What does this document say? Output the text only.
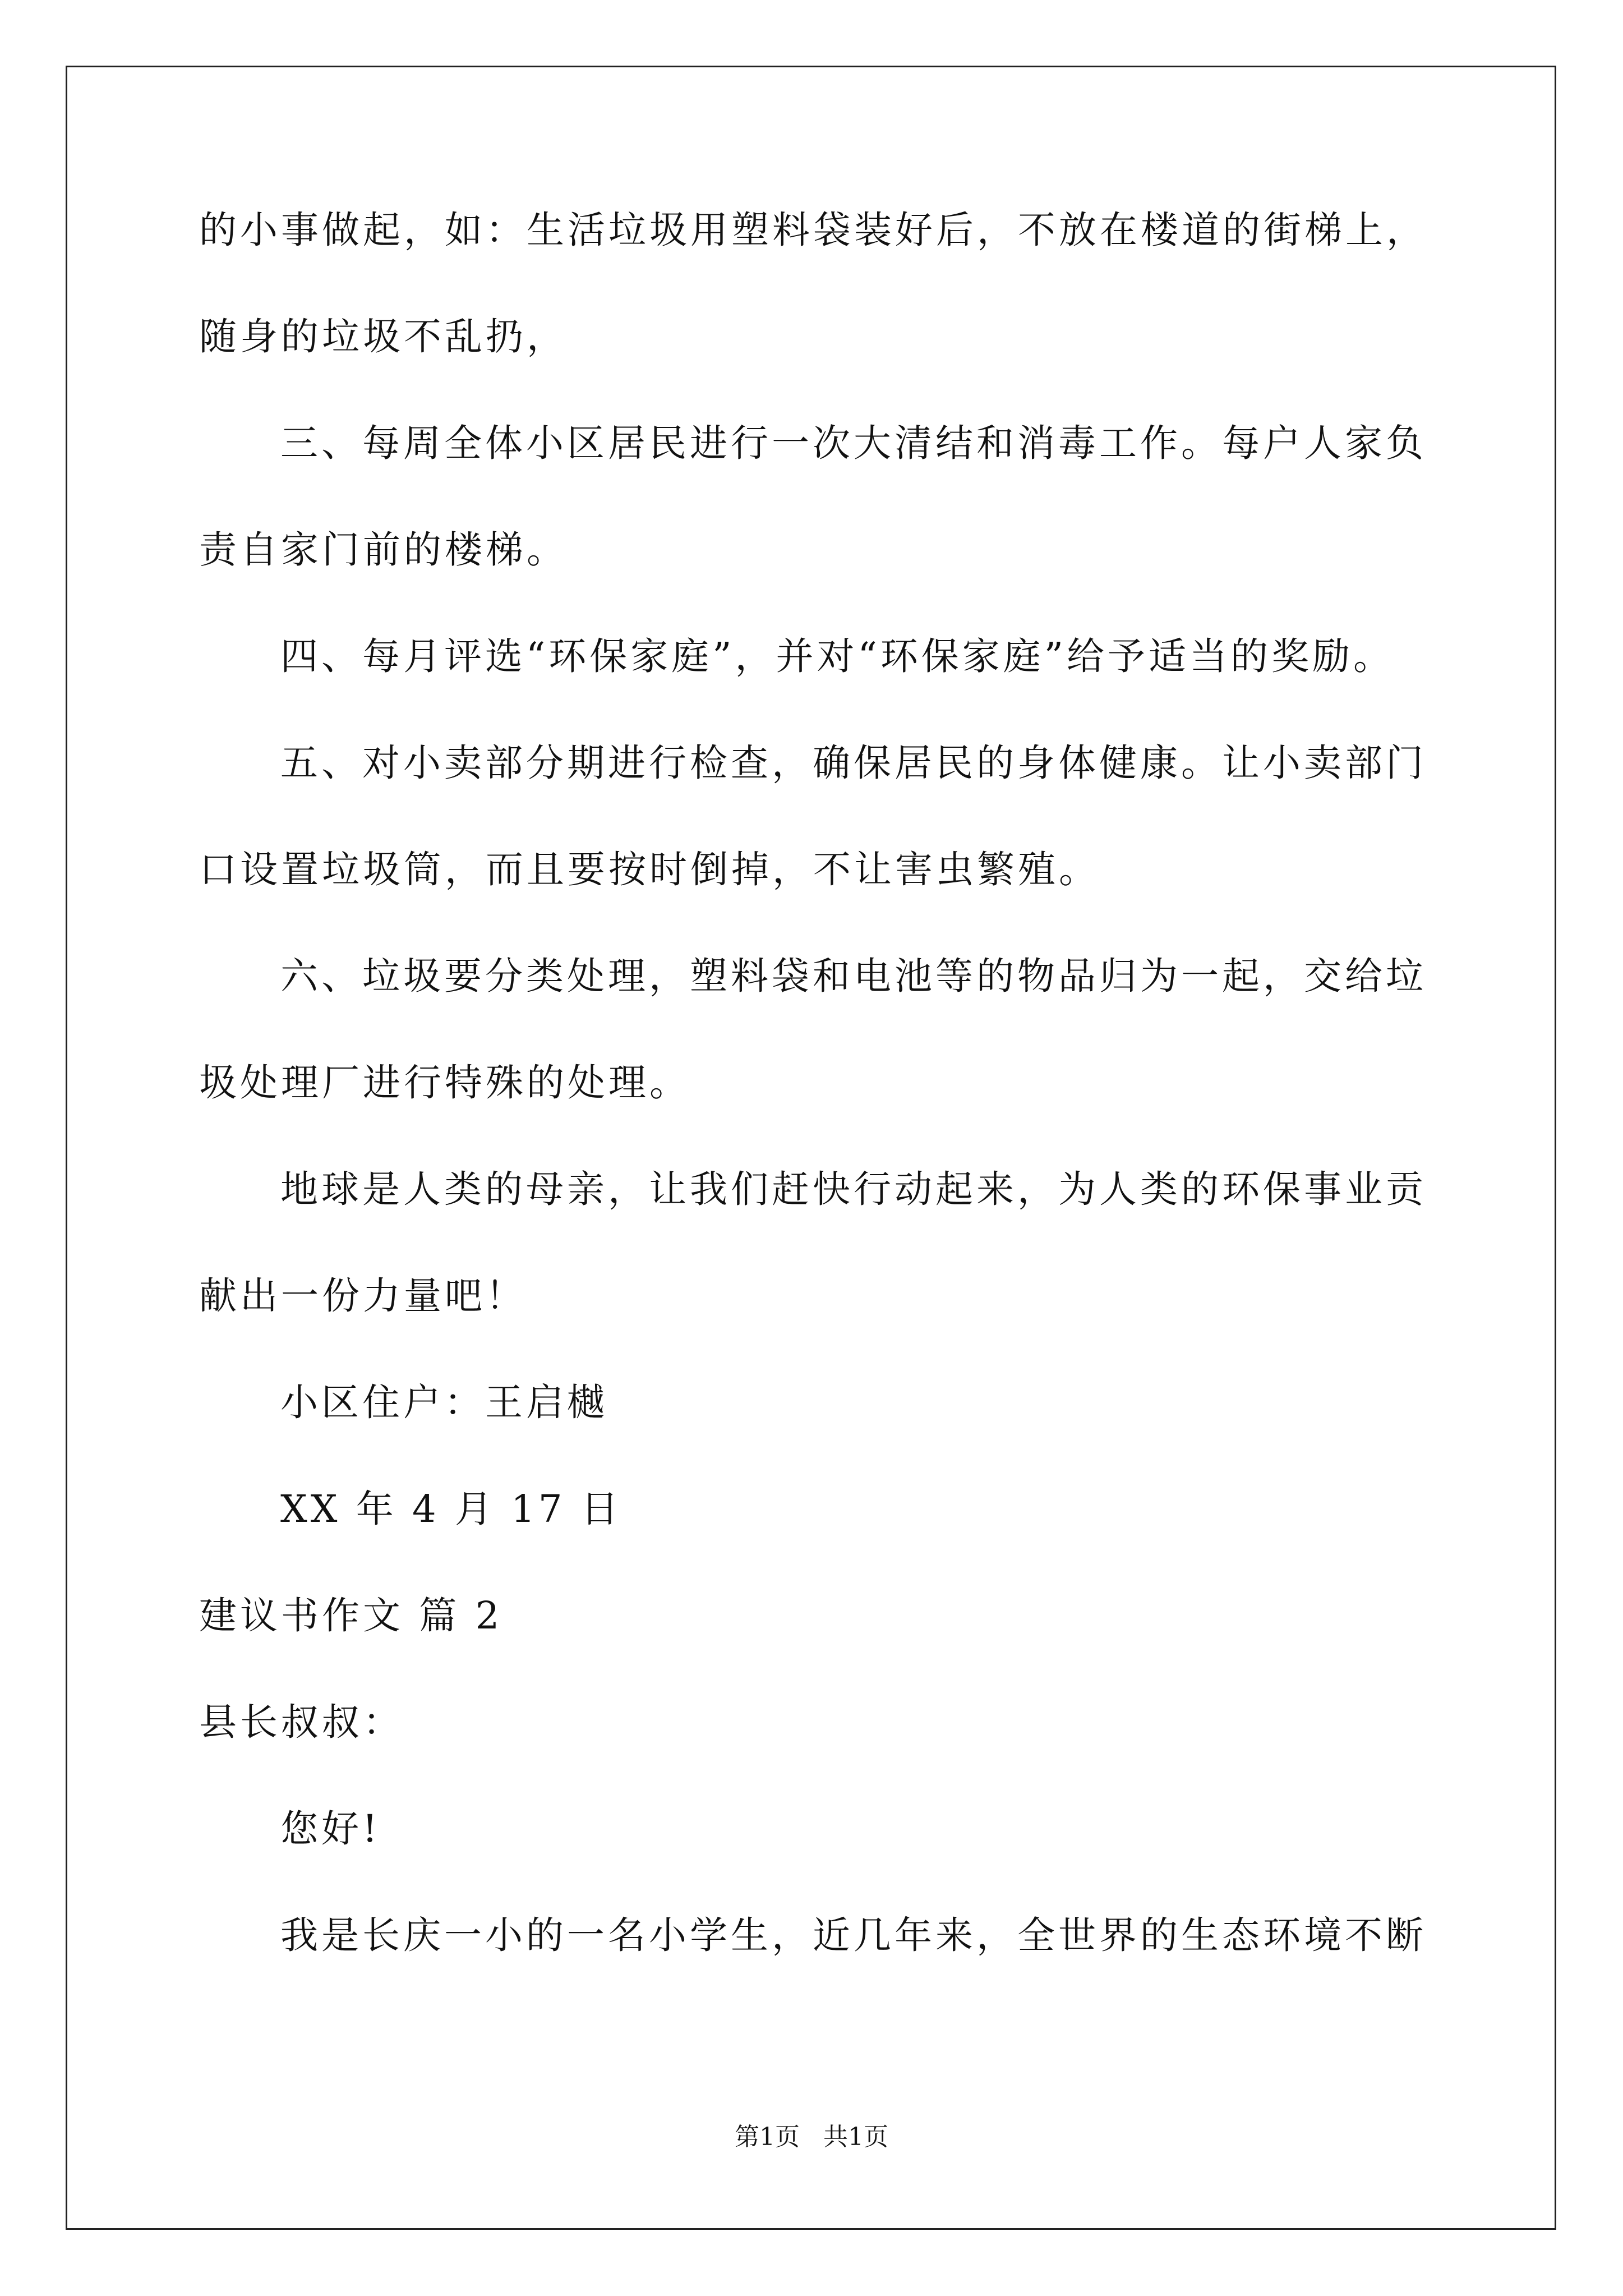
的小事做起，如：生活垃圾用塑料袋装好后，不放在楼道的街梯上，
随身的垃圾不乱扔，
三、每周全体小区居民进行一次大清结和消毒工作。每户人家负
责自家门前的楼梯。
四、每月评选“环保家庭”，并对“环保家庭”给予适当的奖励。
五、对小卖部分期进行检查，确保居民的身体健康。让小卖部门
口设置垃圾筒，而且要按时倒掉，不让害虫繁殖。
六、垃圾要分类处理，塑料袋和电池等的物品归为一起，交给垃
圾处理厂进行特殊的处理。
地球是人类的母亲，让我们赶快行动起来，为人类的环保事业贡
献出一份力量吧！
小区住户：王启樾
XX 年 4 月 17 日
建议书作文 篇 2
县长叔叔：
您好!
我是长庆一小的一名小学生，近几年来，全世界的生态环境不断
第1页   共1页
